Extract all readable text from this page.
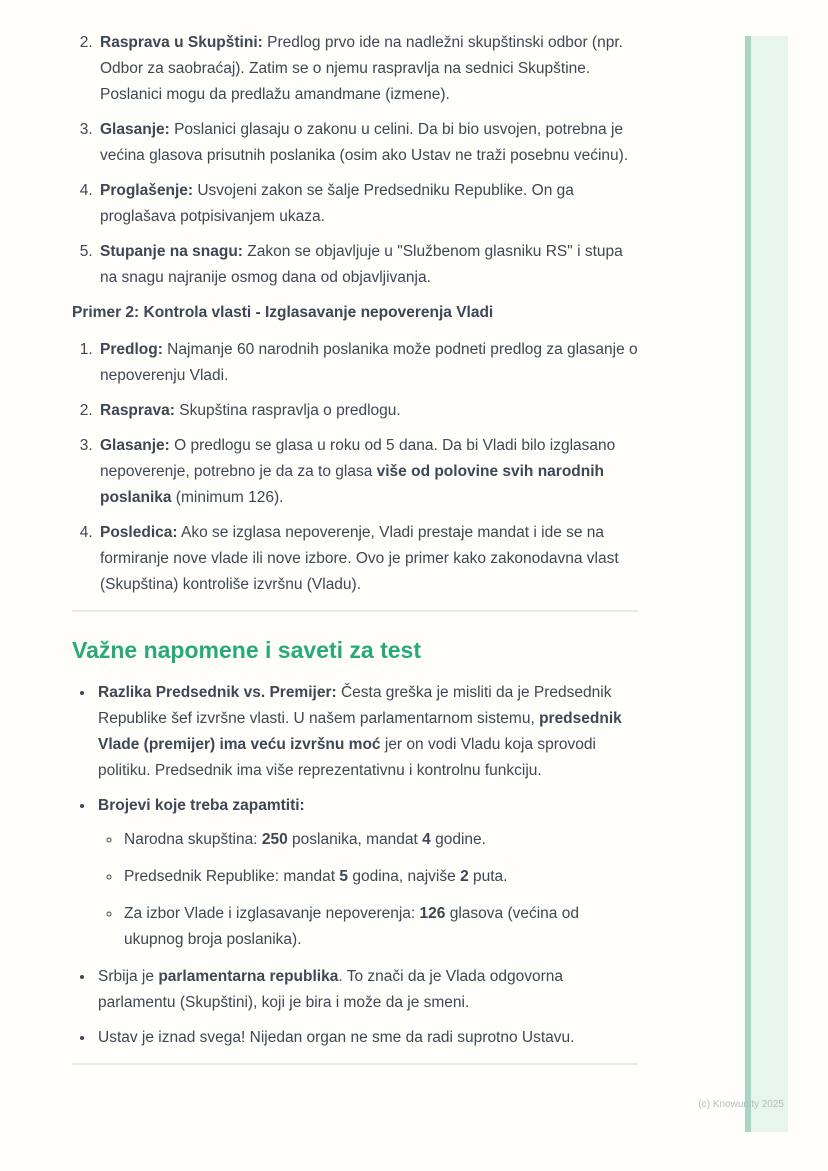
2. Rasprava u Skupštini: Predlog prvo ide na nadležni skupštinski odbor (npr. Odbor za saobraćaj). Zatim se o njemu raspravlja na sednici Skupštine. Poslanici mogu da predlažu amandmane (izmene).
3. Glasanje: Poslanici glasaju o zakonu u celini. Da bi bio usvojen, potrebna je većina glasova prisutnih poslanika (osim ako Ustav ne traži posebnu većinu).
4. Proglašenje: Usvojeni zakon se šalje Predsedniku Republike. On ga proglašava potpisivanjem ukaza.
5. Stupanje na snagu: Zakon se objavljuje u "Službenom glasniku RS" i stupa na snagu najranije osmog dana od objavljivanja.

Primer 2: Kontrola vlasti - Izglasavanje nepoverenja Vladi

1. Predlog: Najmanje 60 narodnih poslanika može podneti predlog za glasanje o nepoverenju Vladi.
2. Rasprava: Skupština raspravlja o predlogu.
3. Glasanje: O predlogu se glasa u roku od 5 dana. Da bi Vladi bilo izglasano nepoverenje, potrebno je da za to glasa više od polovine svih narodnih poslanika (minimum 126).
4. Posledica: Ako se izglasa nepoverenje, Vladi prestaje mandat i ide se na formiranje nove vlade ili nove izbore. Ovo je primer kako zakonodavna vlast (Skupština) kontroliše izvršnu (Vladu).
Važne napomene i saveti za test
• Razlika Predsednik vs. Premijer: Česta greška je misliti da je Predsednik Republike šef izvršne vlasti. U našem parlamentarnom sistemu, predsednik Vlade (premijer) ima veću izvršnu moć jer on vodi Vladu koja sprovodi politiku. Predsednik ima više reprezentativnu i kontrolnu funkciju.
• Brojevi koje treba zapamtiti:
◦ Narodna skupština: 250 poslanika, mandat 4 godine.
◦ Predsednik Republike: mandat 5 godina, najviše 2 puta.
◦ Za izbor Vlade i izglasavanje nepoverenja: 126 glasova (većina od ukupnog broja poslanika).
• Srbija je parlamentarna republika. To znači da je Vlada odgovorna parlamentu (Skupštini), koji je bira i može da je smeni.
• Ustav je iznad svega! Nijedan organ ne sme da radi suprotno Ustavu.
(c) Knowunity 2025
